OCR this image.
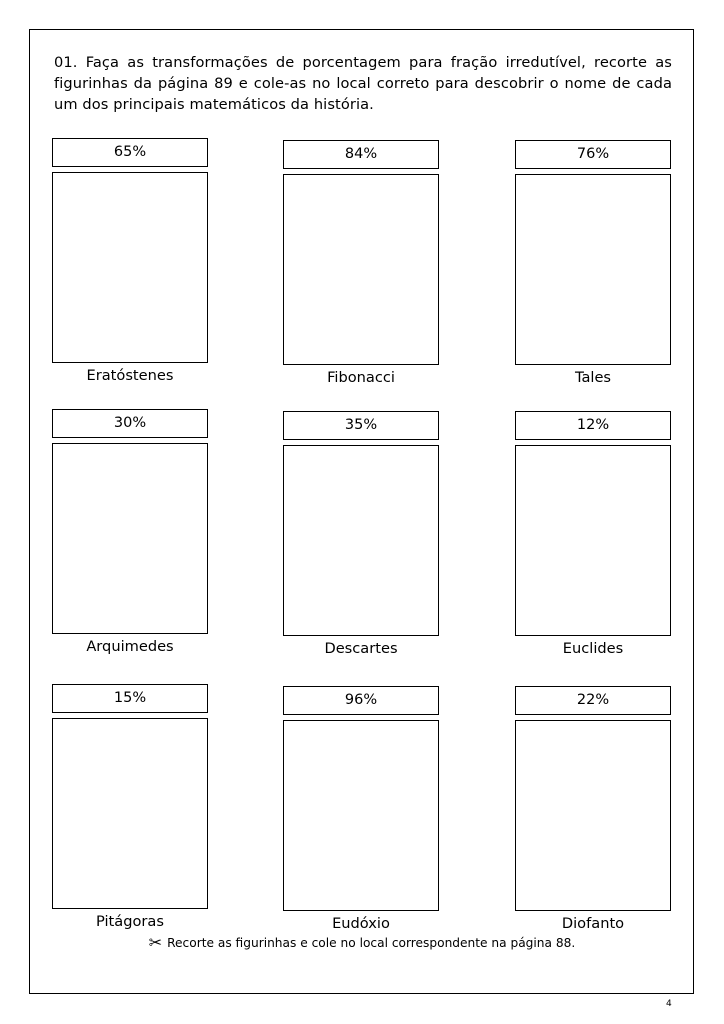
01. Faça as transformações de porcentagem para fração irredutível, recorte as figurinhas da página 89 e cole-as no local correto para descobrir o nome de cada um dos principais matemáticos da história.

65%
Eratóstenes
84%
Fibonacci
76%
Tales
30%
Arquimedes
35%
Descartes
12%
Euclides
15%
Pitágoras
96%
Eudóxio
22%
Diofanto
✂ Recorte as figurinhas e cole no local correspondente na página 88.
4
